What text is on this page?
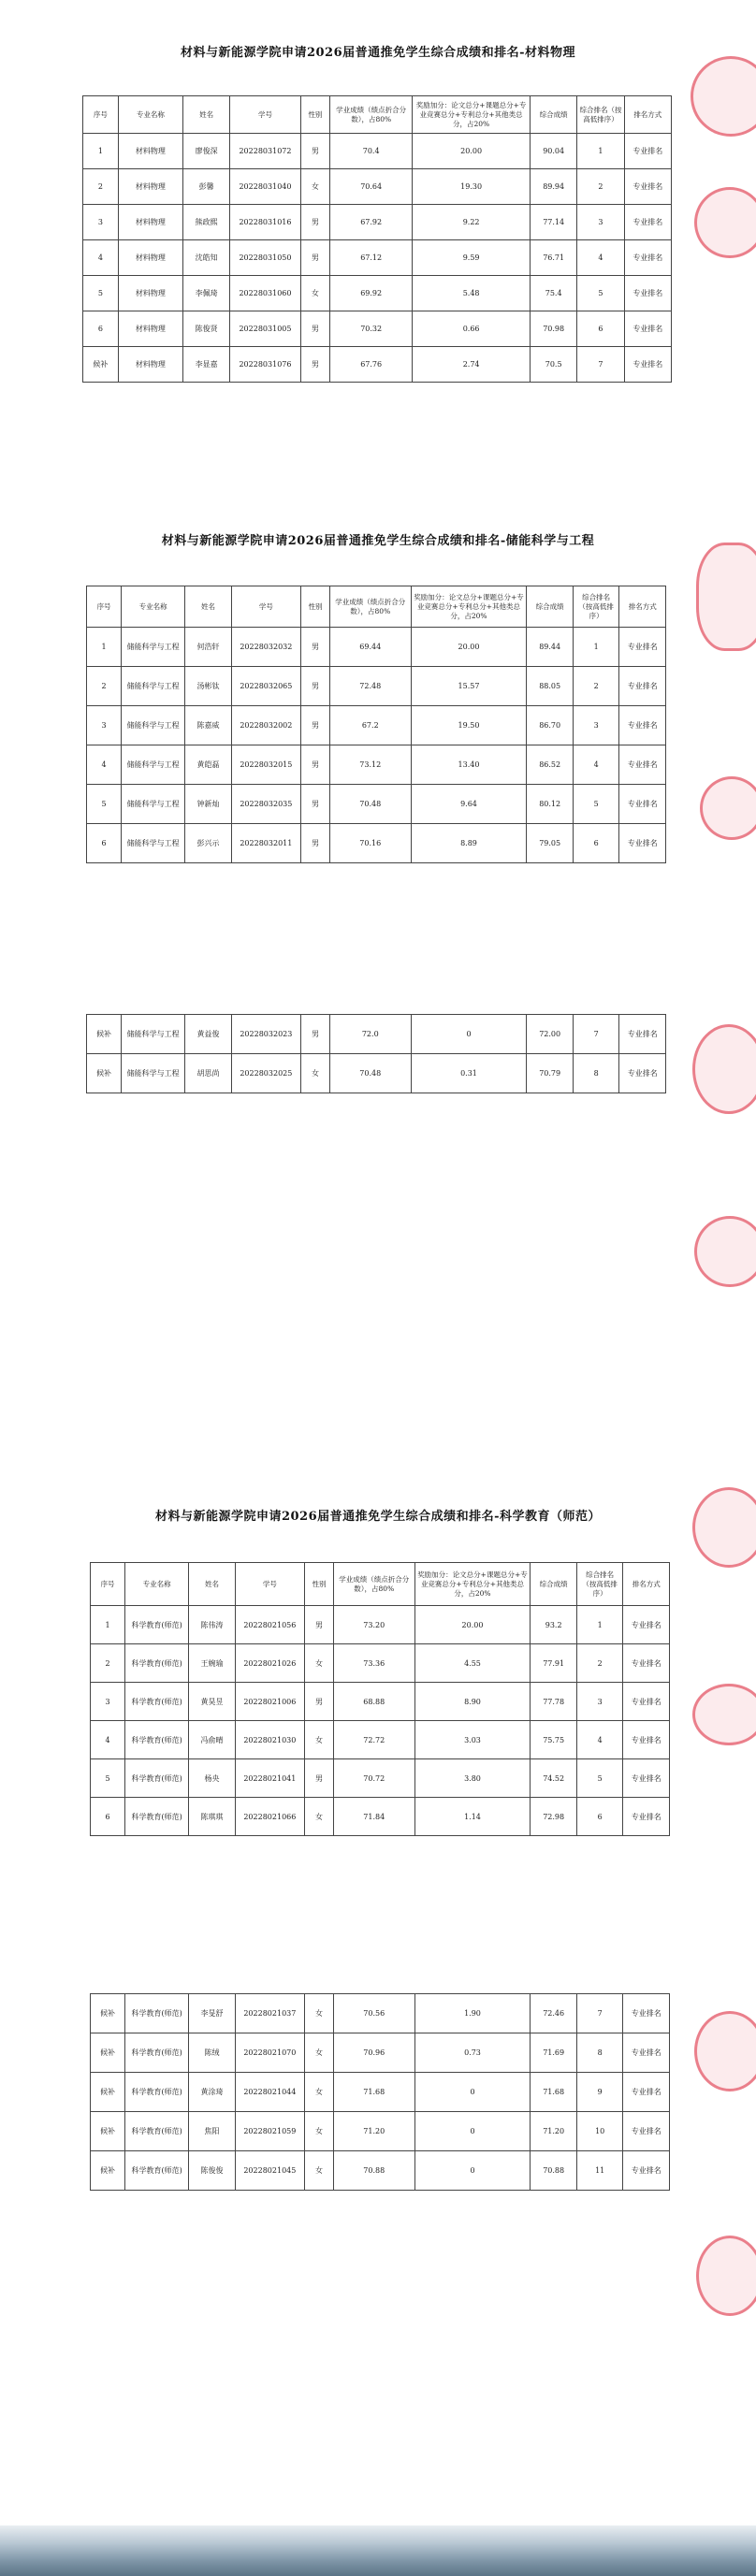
材料与新能源学院申请2026届普通推免学生综合成绩和排名-材料物理
序号	专业名称	姓名	学号	性别	学业成绩（绩点折合分数），占80%	奖励加分：论文总分+课题总分+专业竞赛总分+专利总分+其他类总分，占20%	综合成绩	综合排名（按高低排序）	排名方式
1	材料物理	廖俊深	20228031072	男	70.4	20.00	90.04	1	专业排名
2	材料物理	彭馨	20228031040	女	70.64	19.30	89.94	2	专业排名
3	材料物理	熊政熙	20228031016	男	67.92	9.22	77.14	3	专业排名
4	材料物理	沈皓知	20228031050	男	67.12	9.59	76.71	4	专业排名
5	材料物理	李佩琦	20228031060	女	69.92	5.48	75.4	5	专业排名
6	材料物理	陈俊贤	20228031005	男	70.32	0.66	70.98	6	专业排名
候补	材料物理	李显嘉	20228031076	男	67.76	2.74	70.5	7	专业排名
材料与新能源学院申请2026届普通推免学生综合成绩和排名-储能科学与工程
序号	专业名称	姓名	学号	性别	学业成绩（绩点折合分数），占80%	奖励加分：论文总分+课题总分+专业竞赛总分+专利总分+其他类总分，占20%	综合成绩	综合排名（按高低排序）	排名方式
1	储能科学与工程	何浩轩	20228032032	男	69.44	20.00	89.44	1	专业排名
2	储能科学与工程	汤彬钛	20228032065	男	72.48	15.57	88.05	2	专业排名
3	储能科学与工程	陈嘉威	20228032002	男	67.2	19.50	86.70	3	专业排名
4	储能科学与工程	黄皑磊	20228032015	男	73.12	13.40	86.52	4	专业排名
5	储能科学与工程	钟新灿	20228032035	男	70.48	9.64	80.12	5	专业排名
6	储能科学与工程	彭兴示	20228032011	男	70.16	8.89	79.05	6	专业排名
候补	储能科学与工程	黄益俊	20228032023	男	72.0	0	72.00	7	专业排名
候补	储能科学与工程	胡思尚	20228032025	女	70.48	0.31	70.79	8	专业排名
材料与新能源学院申请2026届普通推免学生综合成绩和排名-科学教育（师范）
序号	专业名称	姓名	学号	性别	学业成绩（绩点折合分数），占80%	奖励加分：论文总分+课题总分+专业竞赛总分+专利总分+其他类总分，占20%	综合成绩	综合排名（按高低排序）	排名方式
1	科学教育(师范)	陈伟涛	20228021056	男	73.20	20.00	93.2	1	专业排名
2	科学教育(师范)	王婉瑜	20228021026	女	73.36	4.55	77.91	2	专业排名
3	科学教育(师范)	黄昊昱	20228021006	男	68.88	8.90	77.78	3	专业排名
4	科学教育(师范)	冯俞晴	20228021030	女	72.72	3.03	75.75	4	专业排名
5	科学教育(师范)	杨央	20228021041	男	70.72	3.80	74.52	5	专业排名
6	科学教育(师范)	陈琪琪	20228021066	女	71.84	1.14	72.98	6	专业排名
候补	科学教育(师范)	李旻舒	20228021037	女	70.56	1.90	72.46	7	专业排名
候补	科学教育(师范)	陈绒	20228021070	女	70.96	0.73	71.69	8	专业排名
候补	科学教育(师范)	黄涂琦	20228021044	女	71.68	0	71.68	9	专业排名
候补	科学教育(师范)	焦阳	20228021059	女	71.20	0	71.20	10	专业排名
候补	科学教育(师范)	陈俊俊	20228021045	女	70.88	0	70.88	11	专业排名
